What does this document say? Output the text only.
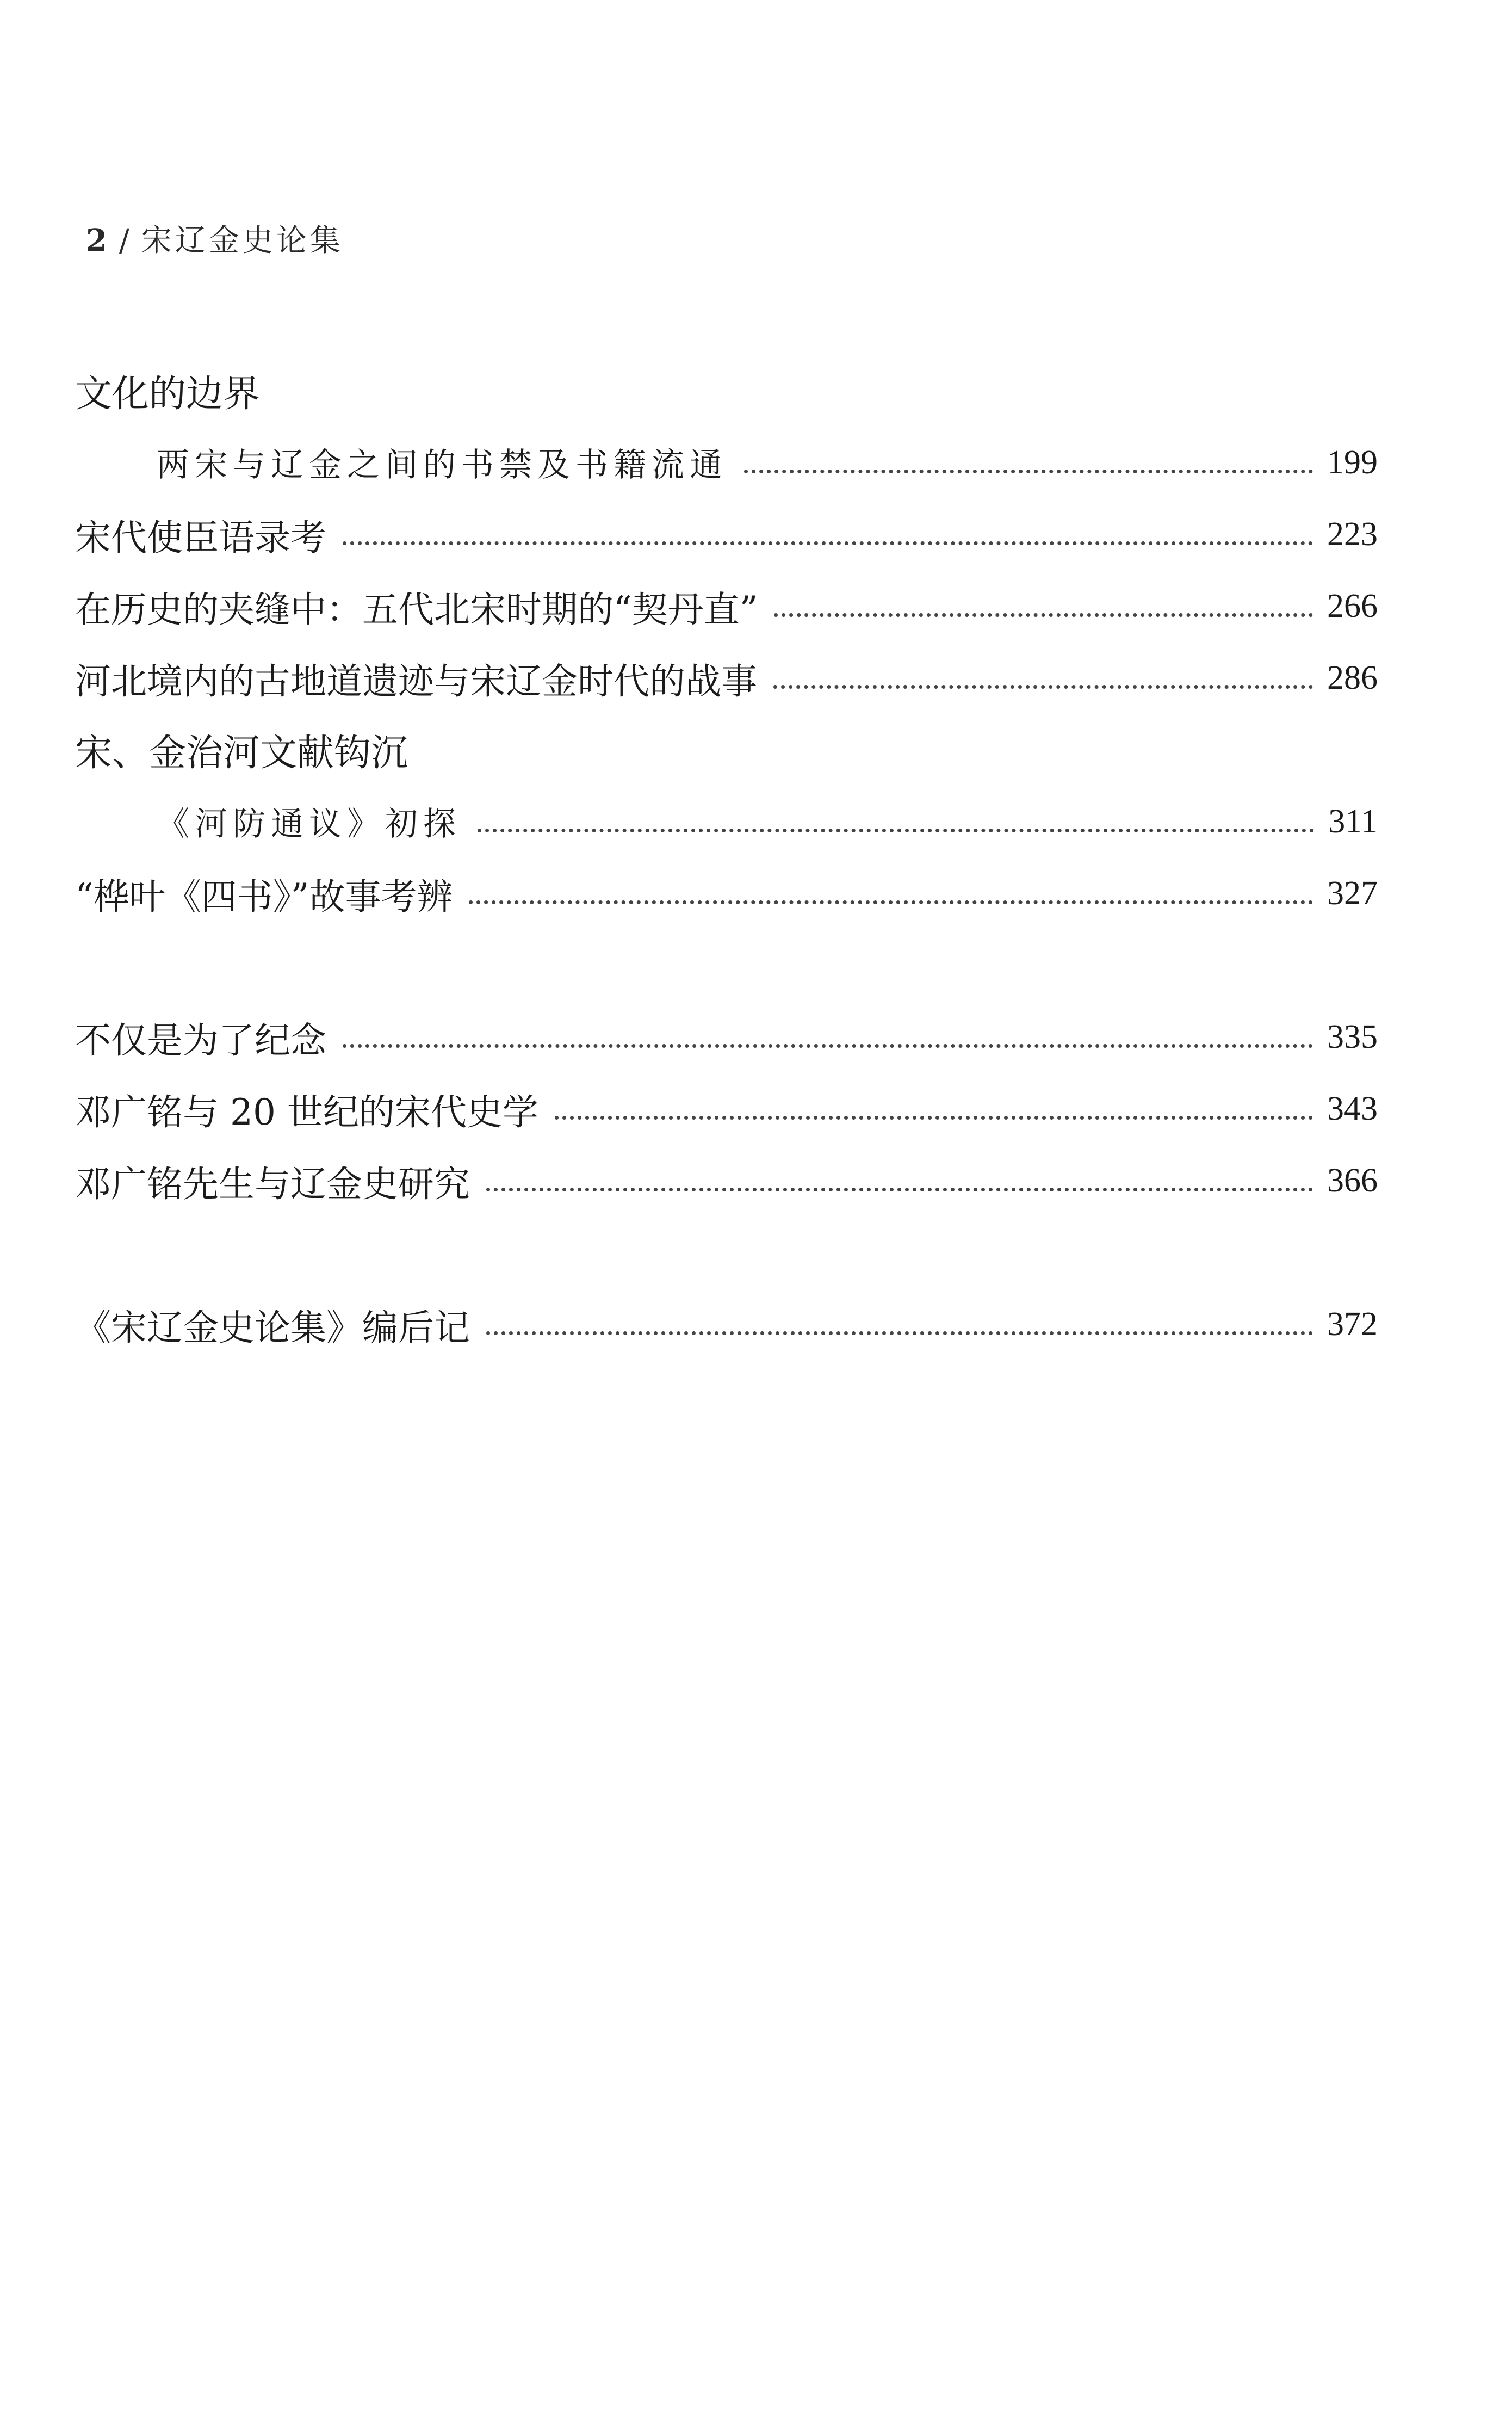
2 / 宋辽金史论集
文化的边界
两宋与辽金之间的书禁及书籍流通	199
宋代使臣语录考	223
在历史的夹缝中：五代北宋时期的“契丹直”	266
河北境内的古地道遗迹与宋辽金时代的战事	286
宋、金治河文献钩沉
《河防通议》初探	311
“桦叶《四书》”故事考辨	327
不仅是为了纪念	335
邓广铭与 20 世纪的宋代史学	343
邓广铭先生与辽金史研究	366
《宋辽金史论集》编后记	372
